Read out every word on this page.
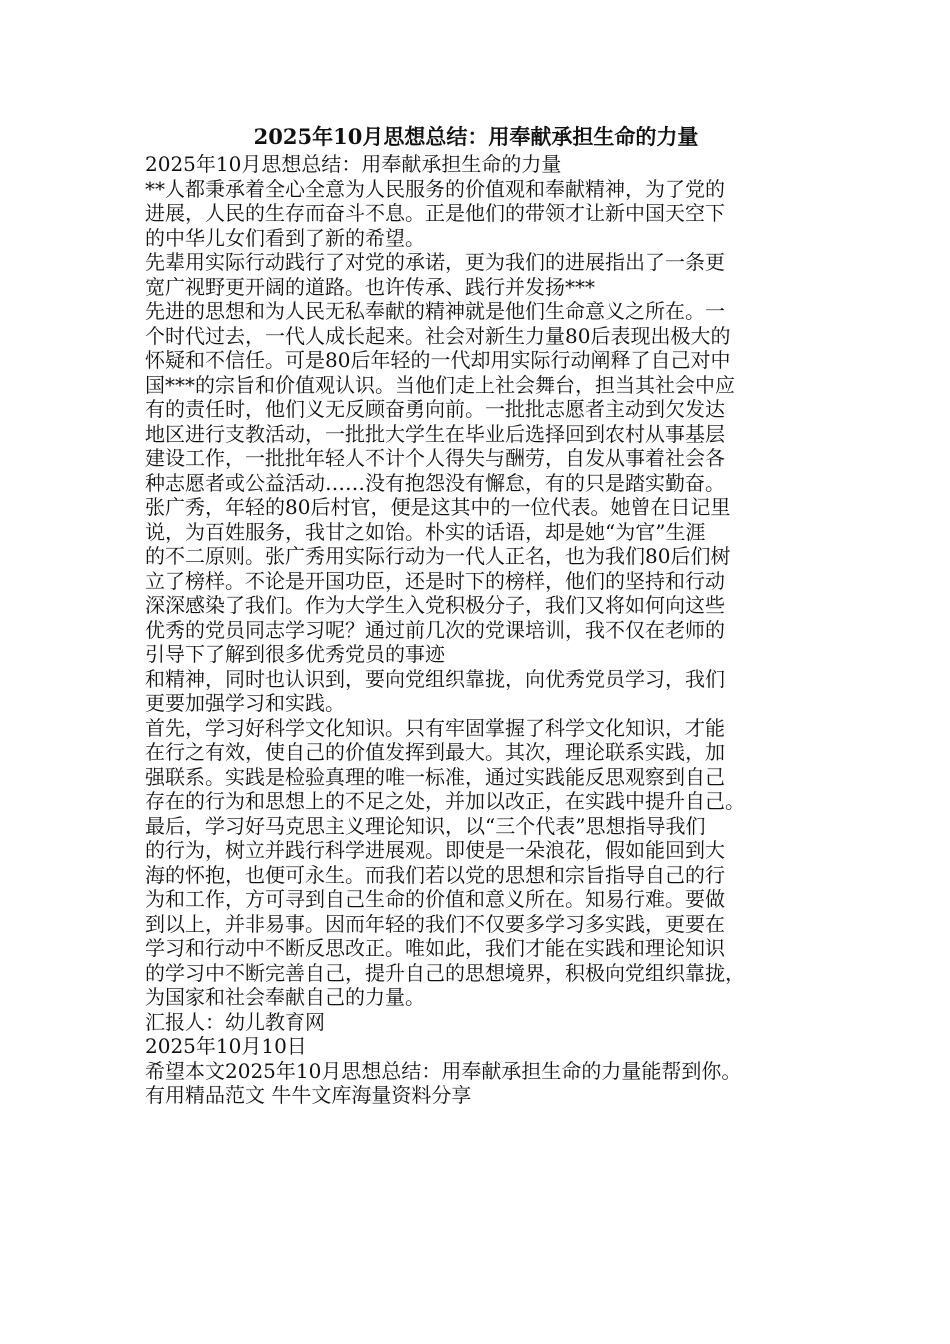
2025年10月思想总结：用奉献承担生命的力量

2025年10月思想总结：用奉献承担生命的力量

**人都秉承着全心全意为人民服务的价值观和奉献精神，为了党的

进展，人民的生存而奋斗不息。正是他们的带领才让新中国天空下

的中华儿女们看到了新的希望。

先辈用实际行动践行了对党的承诺，更为我们的进展指出了一条更

宽广视野更开阔的道路。也许传承、践行并发扬***

先进的思想和为人民无私奉献的精神就是他们生命意义之所在。一

个时代过去，一代人成长起来。社会对新生力量80后表现出极大的

怀疑和不信任。可是80后年轻的一代却用实际行动阐释了自己对中

国***的宗旨和价值观认识。当他们走上社会舞台，担当其社会中应

有的责任时，他们义无反顾奋勇向前。一批批志愿者主动到欠发达

地区进行支教活动，一批批大学生在毕业后选择回到农村从事基层

建设工作，一批批年轻人不计个人得失与酬劳，自发从事着社会各

种志愿者或公益活动……没有抱怨没有懈怠，有的只是踏实勤奋。

张广秀，年轻的80后村官，便是这其中的一位代表。她曾在日记里

说，为百姓服务，我甘之如饴。朴实的话语，却是她“为官”生涯

的不二原则。张广秀用实际行动为一代人正名，也为我们80后们树

立了榜样。不论是开国功臣，还是时下的榜样，他们的坚持和行动

深深感染了我们。作为大学生入党积极分子，我们又将如何向这些

优秀的党员同志学习呢？通过前几次的党课培训，我不仅在老师的

引导下了解到很多优秀党员的事迹

和精神，同时也认识到，要向党组织靠拢，向优秀党员学习，我们

更要加强学习和实践。

首先，学习好科学文化知识。只有牢固掌握了科学文化知识，才能

在行之有效，使自己的价值发挥到最大。其次，理论联系实践，加

强联系。实践是检验真理的唯一标准，通过实践能反思观察到自己

存在的行为和思想上的不足之处，并加以改正，在实践中提升自己。

最后，学习好马克思主义理论知识，以“三个代表”思想指导我们

的行为，树立并践行科学进展观。即使是一朵浪花，假如能回到大

海的怀抱，也便可永生。而我们若以党的思想和宗旨指导自己的行

为和工作，方可寻到自己生命的价值和意义所在。知易行难。要做

到以上，并非易事。因而年轻的我们不仅要多学习多实践，更要在

学习和行动中不断反思改正。唯如此，我们才能在实践和理论知识

的学习中不断完善自己，提升自己的思想境界，积极向党组织靠拢，

为国家和社会奉献自己的力量。

汇报人：幼儿教育网

2025年10月10日

希望本文2025年10月思想总结：用奉献承担生命的力量能帮到你。

有用精品范文 牛牛文库海量资料分享
